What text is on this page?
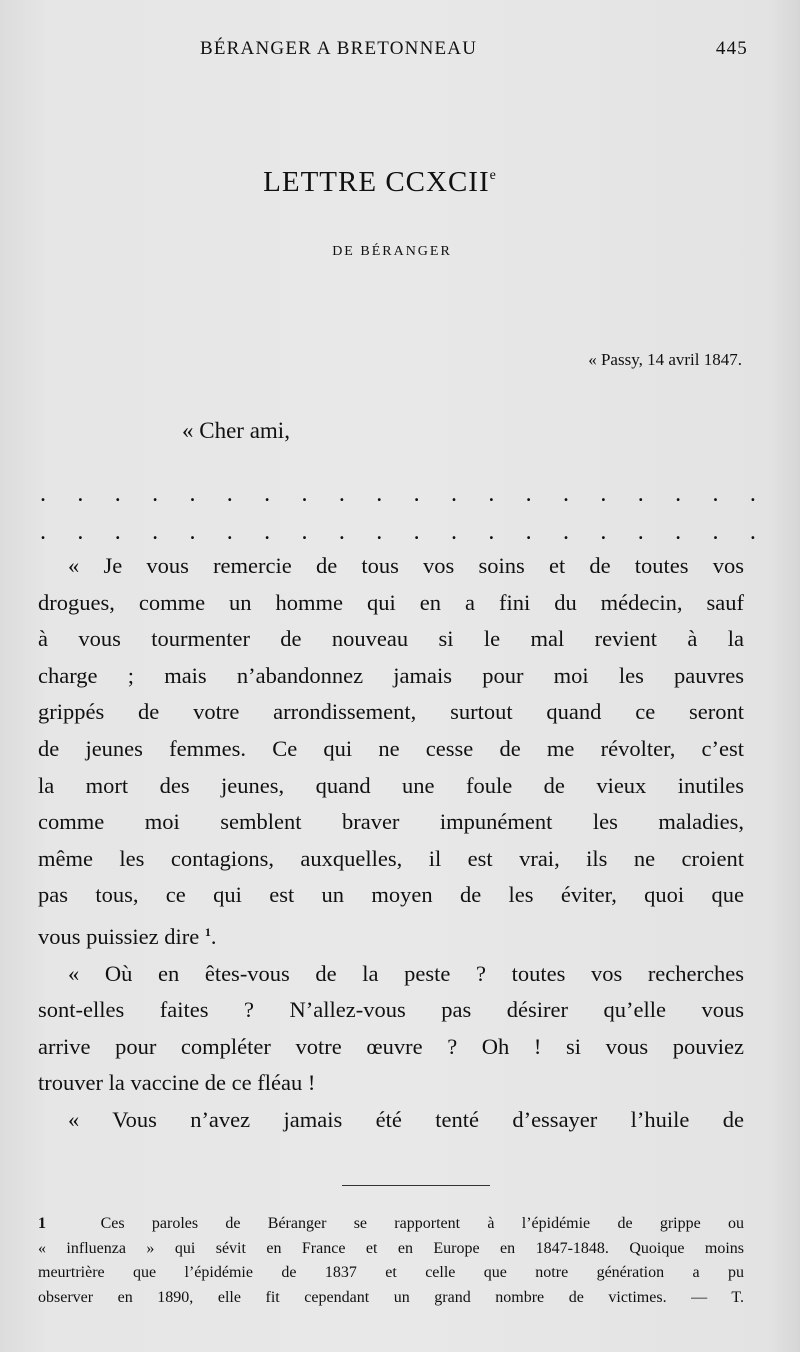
BÉRANGER A BRETONNEAU	445
LETTRE CCXCIIe
DE BÉRANGER
« Passy, 14 avril 1847.
« Cher ami,
. . . . . . . . . . . . . . . . . . . .
. . . . . . . . . . . . . . . . . . . .
« Je vous remercie de tous vos soins et de toutes vos
drogues, comme un homme qui en a fini du médecin, sauf
à vous tourmenter de nouveau si le mal revient à la
charge ; mais n’abandonnez jamais pour moi les pauvres
grippés de votre arrondissement, surtout quand ce seront
de jeunes femmes. Ce qui ne cesse de me révolter, c’est
la mort des jeunes, quand une foule de vieux inutiles
comme moi semblent braver impunément les maladies,
même les contagions, auxquelles, il est vrai, ils ne croient
pas tous, ce qui est un moyen de les éviter, quoi que
vous puissiez dire $^1$.
« Où en êtes-vous de la peste ? toutes vos recherches
sont-elles faites ? N’allez-vous pas désirer qu’elle vous
arrive pour compléter votre œuvre ? Oh ! si vous pouviez
trouver la vaccine de ce fléau !
« Vous n’avez jamais été tenté d’essayer l’huile de
1	Ces paroles de Béranger se rapportent à l’épidémie de grippe ou
« influenza » qui sévit en France et en Europe en 1847-1848. Quoique moins
meurtrière que l’épidémie de 1837 et celle que notre génération a pu
observer en 1890, elle fit cependant un grand nombre de victimes. — T.
